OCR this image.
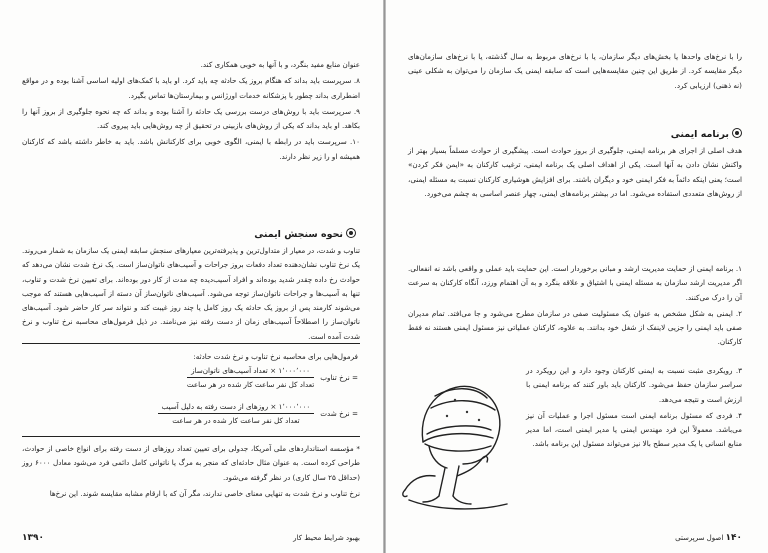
عنوان منابع مفید بنگرد، و با آنها به خوبی همکاری کند.

۸. سرپرست باید بداند که هنگام بروز یک حادثه چه باید کرد. او باید با کمک‌های اولیه اساسی آشنا بوده و در مواقع اضطراری بداند چطور با پزشکانه خدمات اورژانس و بیمارستان‌ها تماس بگیرد.

۹. سرپرست باید با روش‌های درست بررسی یک حادثه را آشنا بوده و بداند که چه نحوه جلوگیری از بروز آنها را بکاهد. او باید بداند که یکی از روش‌های بازبینی در تحقیق از چه روش‌هایی باید پیروی کند.

۱۰. سرپرست باید در رابطه با ایمنی، الگوی خوبی برای کارکنانش باشد. باید به خاطر داشته باشد که کارکنان همیشه او را زیر نظر دارند.

نحوه سنجش ایمنی

تناوب و شدت، در معیار از متداول‌ترین و پذیرفته‌ترین معیارهای سنجش سابقه ایمنی یک سازمان به شمار می‌روند. یک نرخ تناوب نشان‌دهنده تعداد دفعات بروز جراحات و آسیب‌های ناتوان‌ساز است. یک نرخ شدت نشان می‌دهد که حوادث رخ داده چقدر شدید بوده‌اند و افراد آسیب‌دیده چه مدت از کار دور بوده‌اند. برای تعیین نرخ شدت و تناوب، تنها به آسیب‌ها و جراحات ناتوان‌ساز توجه می‌شود. آسیب‌های ناتوان‌ساز آن دسته از آسیب‌هایی هستند که موجب می‌شوند کارمند پس از بروز یک حادثه یک روز کامل یا چند روز غیبت کند و نتواند سر کار حاضر شود. آسیب‌های ناتوان‌ساز را اصطلاحاً آسیب‌های زمان از دست رفته نیز می‌نامند. در ذیل فرمول‌های محاسبه نرخ تناوب و نرخ شدت آمده است.

فرمول‌هایی برای محاسبه نرخ تناوب و نرخ شدت حادثه:
= نرخ تناوب
$\frac{\text{۱٬۰۰۰٬۰۰۰ × تعداد آسیب‌های ناتوان‌ساز}}{\text{تعداد کل نفر ساعت کار شده در هر ساعت}}$
= نرخ شدت
$\frac{\text{۱٬۰۰۰٬۰۰۰ × روزهای از دست رفته به دلیل آسیب}}{\text{تعداد کل نفر ساعت کار شده در هر ساعت}}$

* مؤسسه استانداردهای ملی آمریکا، جدولی برای تعیین تعداد روزهای از دست رفته برای انواع خاصی از حوادث، طراحی کرده است. به عنوان مثال حادثه‌ای که منجر به مرگ یا ناتوانی کامل دائمی فرد می‌شود معادل ۶۰۰۰ روز (حداقل ۲۵ سال کاری) در نظر گرفته می‌شود.

نرخ تناوب و نرخ شدت به تنهایی معنای خاصی ندارند، مگر آن که با ارقام مشابه مقایسه شوند. این نرخ‌ها

بهبود شرایط محیط کار
۱۳۹۰

را با نرخ‌های واحدها یا بخش‌های دیگر سازمان، یا با نرخ‌های مربوط به سال گذشته، یا با نرخ‌های سازمان‌های دیگر مقایسه کرد. از طریق این چنین مقایسه‌هایی است که سابقه ایمنی یک سازمان را می‌توان به شکلی عینی (نه ذهنی) ارزیابی کرد.

برنامه ایمنی

هدف اصلی از اجرای هر برنامه ایمنی، جلوگیری از بروز حوادث است. پیشگیری از حوادث مسلماً بسیار بهتر از واکنش نشان دادن به آنها است. یکی از اهداف اصلی یک برنامه ایمنی، ترغیب کارکنان به «ایمن فکر کردن» است؛ یعنی اینکه دائماً به فکر ایمنی خود و دیگران باشند. برای افزایش هوشیاری کارکنان نسبت به مسئله ایمنی، از روش‌های متعددی استفاده می‌شود. اما در بیشتر برنامه‌های ایمنی، چهار عنصر اساسی به چشم می‌خورد.

۱. برنامه ایمنی از حمایت مدیریت ارشد و مبانی برخوردار است. این حمایت باید عملی و واقعی باشد نه انفعالی. اگر مدیریت ارشد سازمان به مسئله ایمنی با اشتیاق و علاقه بنگرد و به آن اهتمام ورزد، آنگاه کارکنان به سرعت آن را درک می‌کنند.

۲. ایمنی به شکل مشخص به عنوان یک مسئولیت صفی در سازمان مطرح می‌شود و جا می‌افتد. تمام مدیران صفی باید ایمنی را جزیی لاینفک از شغل خود بدانند. به علاوه، کارکنان عملیاتی نیز مسئول ایمنی هستند نه فقط کارکنان.

۳. رویکردی مثبت نسبت به ایمنی کارکنان وجود دارد و این رویکرد در سراسر سازمان حفظ می‌شود. کارکنان باید باور کنند که برنامه ایمنی با ارزش است و نتیجه می‌دهد.

۴. فردی که مسئول برنامه ایمنی است مسئول اجرا و عملیات آن نیز می‌باشد. معمولاً این فرد مهندس ایمنی یا مدیر ایمنی است، اما مدیر منابع انسانی یا یک مدیر سطح بالا نیز می‌تواند مسئول این برنامه باشد.

۱۴۰ اصول سرپرستی
